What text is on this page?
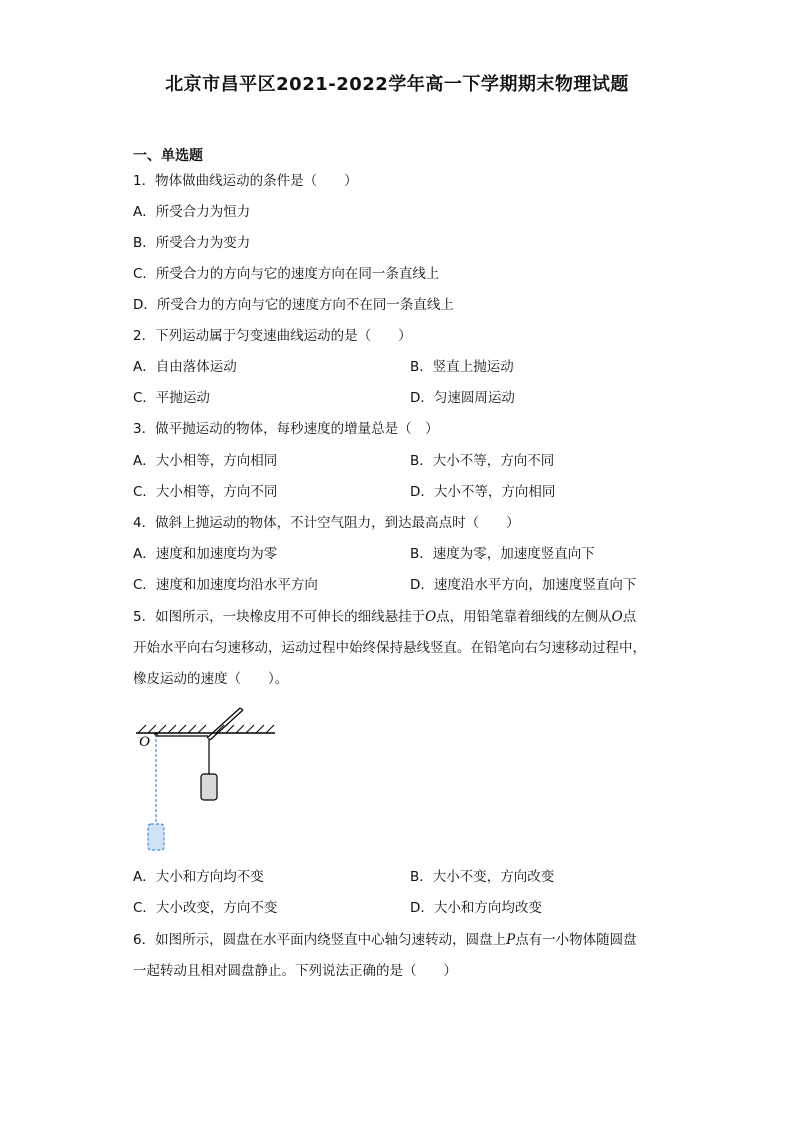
北京市昌平区2021-2022学年高一下学期期末物理试题
一、单选题
1．物体做曲线运动的条件是（　　）
A．所受合力为恒力
B．所受合力为变力
C．所受合力的方向与它的速度方向在同一条直线上
D．所受合力的方向与它的速度方向不在同一条直线上
2．下列运动属于匀变速曲线运动的是（　　）
A．自由落体运动	B．竖直上抛运动
C．平抛运动	D．匀速圆周运动
3．做平抛运动的物体，每秒速度的增量总是（　）
A．大小相等，方向相同	B．大小不等，方向不同
C．大小相等，方向不同	D．大小不等，方向相同
4．做斜上抛运动的物体，不计空气阻力，到达最高点时（　　）
A．速度和加速度均为零	B．速度为零，加速度竖直向下
C．速度和加速度均沿水平方向	D．速度沿水平方向，加速度竖直向下
5．如图所示，一块橡皮用不可伸长的细线悬挂于O点，用铅笔靠着细线的左侧从O点
开始水平向右匀速移动，运动过程中始终保持悬线竖直。在铅笔向右匀速移动过程中，
橡皮运动的速度（　　）。
O
A．大小和方向均不变	B．大小不变，方向改变
C．大小改变，方向不变	D．大小和方向均改变
6．如图所示，圆盘在水平面内绕竖直中心轴匀速转动，圆盘上P点有一小物体随圆盘
一起转动且相对圆盘静止。下列说法正确的是（　　）
